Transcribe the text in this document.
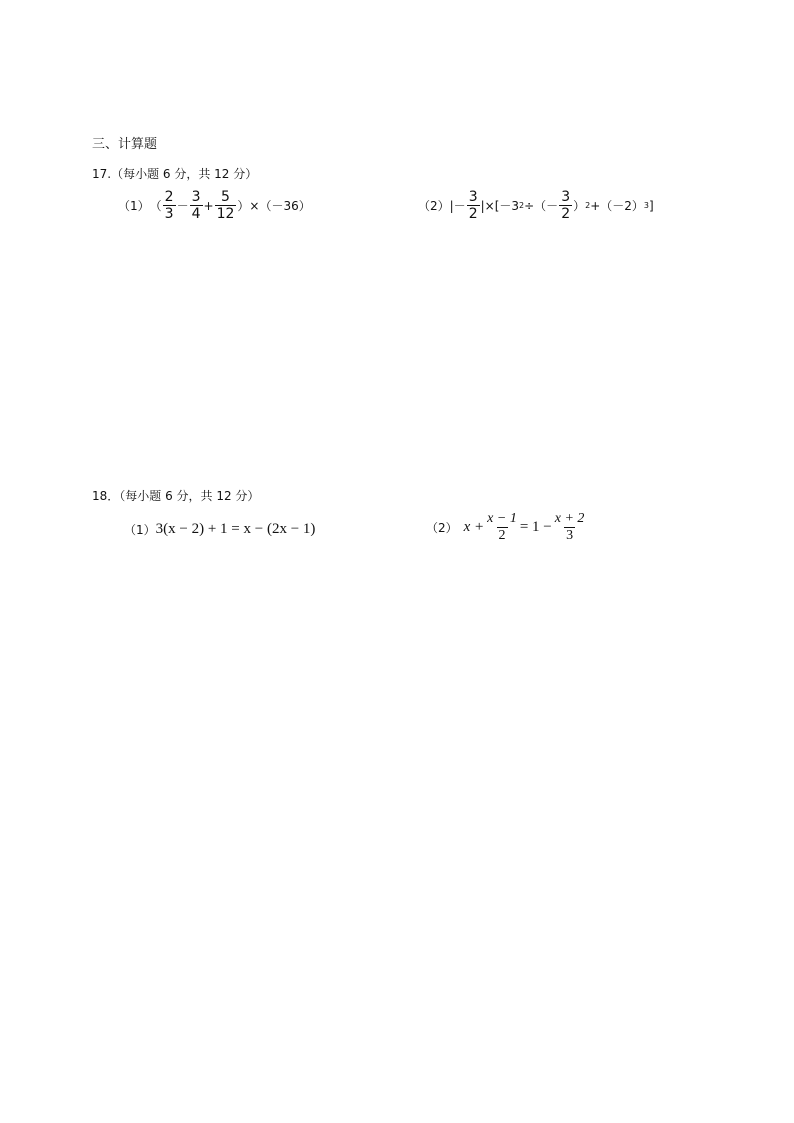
三、计算题
17.（每小题 6 分，共 12 分）
（1） （ $\frac{2}{3} - \frac{3}{4} + \frac{5}{12} )\times(-36)$	（2） |－ $\frac{3}{2} |\times[-3$ 2 ÷（－ $\frac{3}{2}$ ） 2 +（－2） 3 ]
18．（每小题 6 分，共 12 分）
（1） 3(x − 2) + 1 = x − (2x − 1)	（2） $x + \frac{x - 1}{2} = 1 - \frac{x + 2}{3}$
